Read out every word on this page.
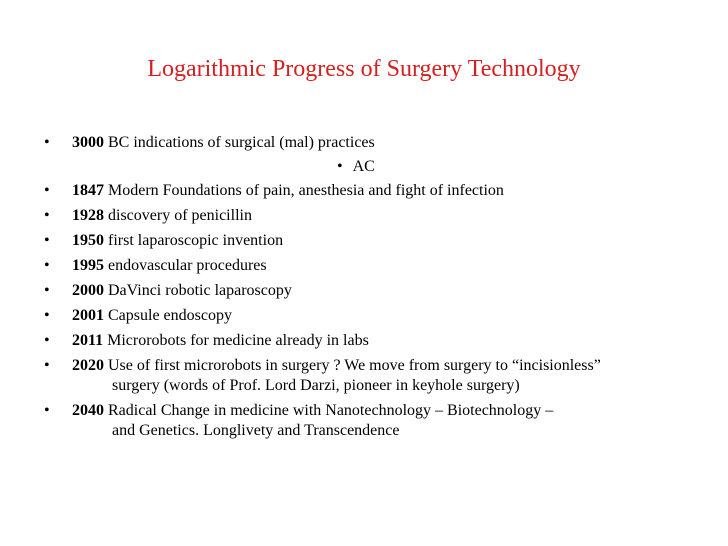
Logarithmic Progress of Surgery Technology
•	3000 BC indications of surgical (mal) practices
• AC
•	1847 Modern Foundations of pain, anesthesia and fight of infection
•	1928 discovery of penicillin
•	1950 first laparoscopic invention
•	1995 endovascular procedures
•	2000 DaVinci robotic laparoscopy
•	2001 Capsule endoscopy
•	2011 Microrobots for medicine already in labs
•	2020 Use of first microrobots in surgery ? We move from surgery to “incisionless”
surgery (words of Prof. Lord Darzi, pioneer in keyhole surgery)
•	2040 Radical Change in medicine with Nanotechnology – Biotechnology –
and Genetics. Longlivety and Transcendence
